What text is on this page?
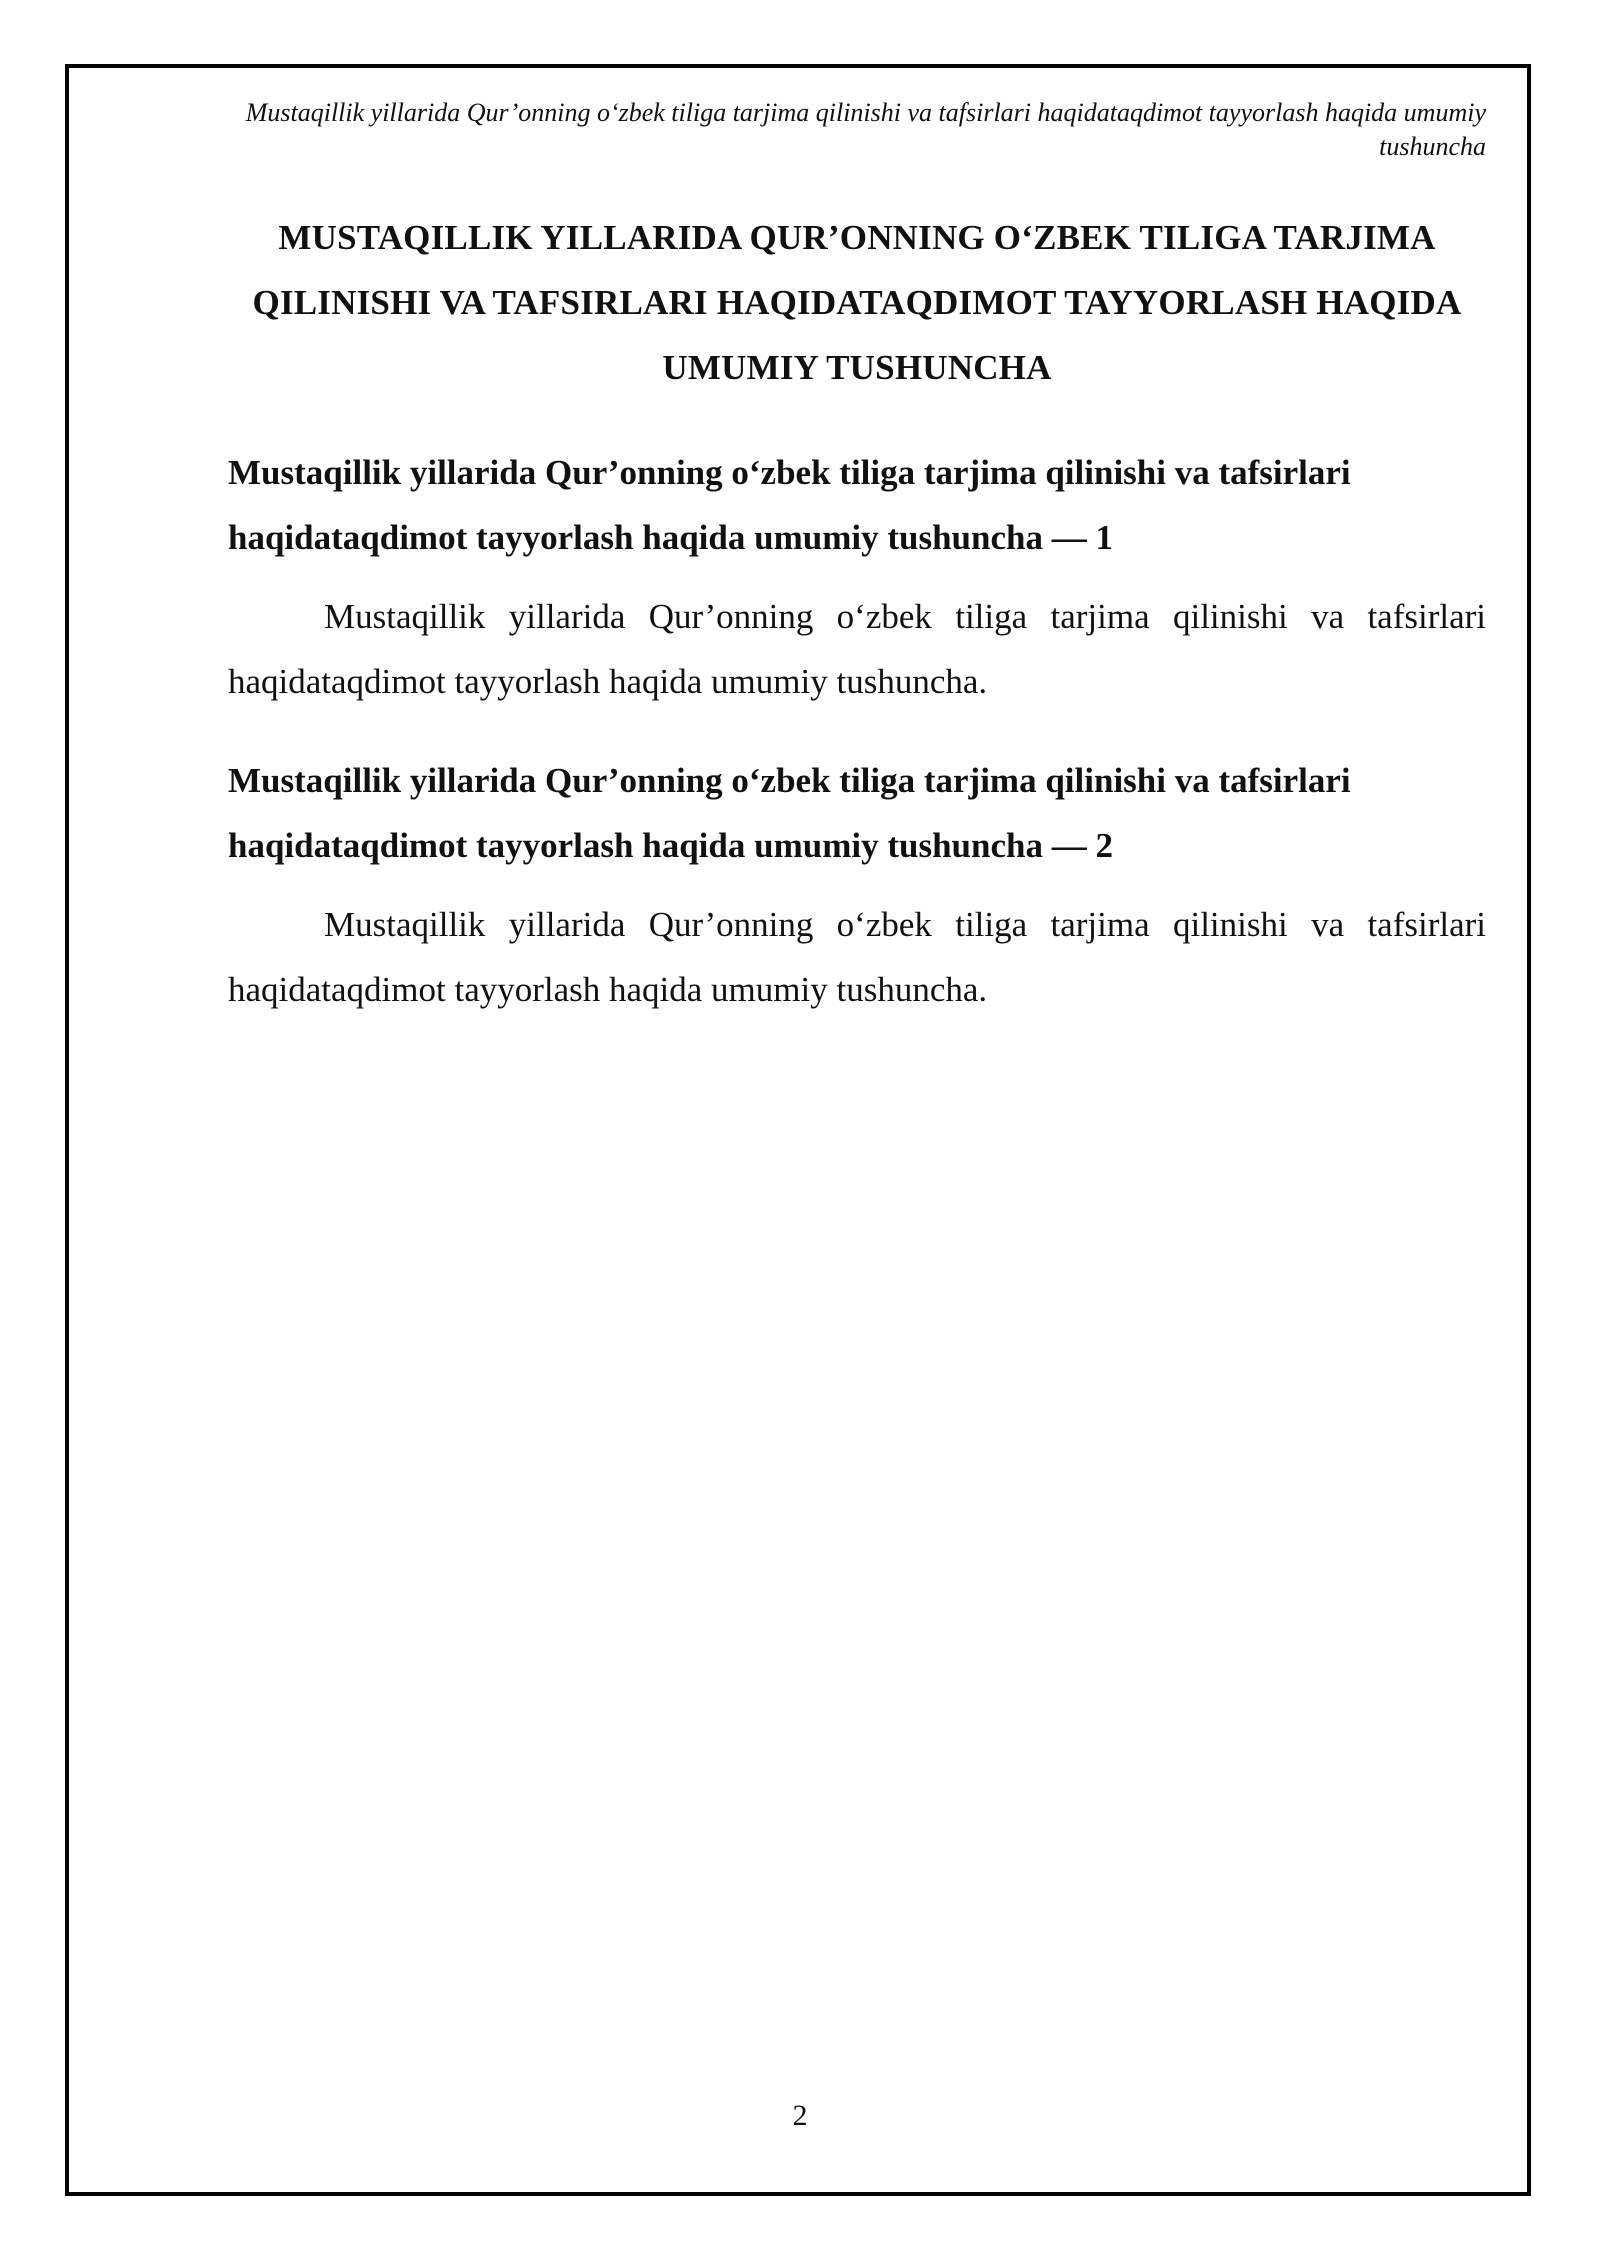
Mustaqillik yillarida Qur’onning o‘zbek tiliga tarjima qilinishi va tafsirlari haqidataqdimot tayyorlash haqida umumiy tushuncha
MUSTAQILLIK YILLARIDA QUR’ONNING O‘ZBEK TILIGA TARJIMA QILINISHI VA TAFSIRLARI HAQIDATAQDIMOT TAYYORLASH HAQIDA UMUMIY TUSHUNCHA
Mustaqillik yillarida Qur’onning o‘zbek tiliga tarjima qilinishi va tafsirlari haqidataqdimot tayyorlash haqida umumiy tushuncha — 1

Mustaqillik yillarida Qur’onning o‘zbek tiliga tarjima qilinishi va tafsirlari haqidataqdimot tayyorlash haqida umumiy tushuncha.

Mustaqillik yillarida Qur’onning o‘zbek tiliga tarjima qilinishi va tafsirlari haqidataqdimot tayyorlash haqida umumiy tushuncha — 2

Mustaqillik yillarida Qur’onning o‘zbek tiliga tarjima qilinishi va tafsirlari haqidataqdimot tayyorlash haqida umumiy tushuncha.

2
